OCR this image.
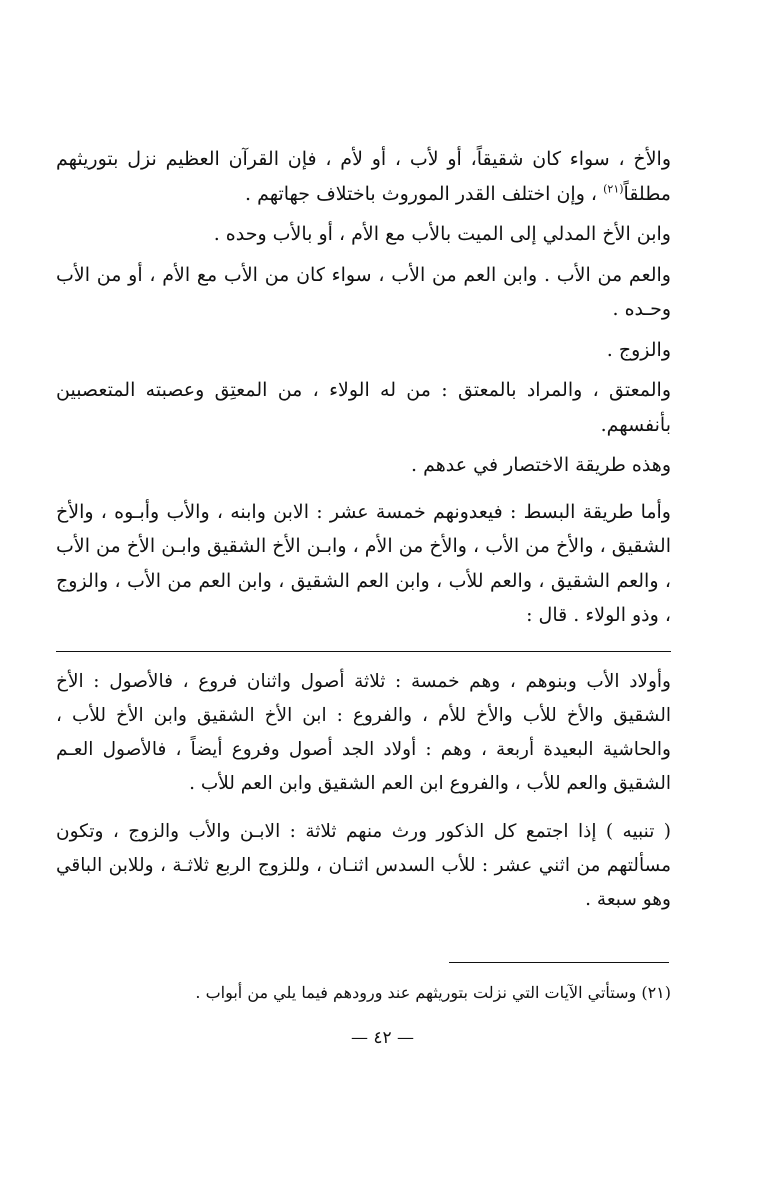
والأخ ، سواء كان شقيقاً، أو لأب ، أو لأم ، فإن القرآن العظيم نزل بتوريثهم مطلقاً$^{(٢١)}$ ، وإن اختلف القدر الموروث باختلاف جهاتهم .

وابن الأخ المدلي إلى الميت بالأب مع الأم ، أو بالأب وحده .

والعم من الأب . وابن العم من الأب ، سواء كان من الأب مع الأم ، أو من الأب وحـده .

والزوج .

والمعتق ، والمراد بالمعتق : من له الولاء ، من المعتِق وعصبته المتعصبين بأنفسهم.

وهذه طريقة الاختصار في عدهم .

وأما طريقة البسط : فيعدونهم خمسة عشر : الابن وابنه ، والأب وأبـوه ، والأخ الشقيق ، والأخ من الأب ، والأخ من الأم ، وابـن الأخ الشقيق وابـن الأخ من الأب ، والعم الشقيق ، والعم للأب ، وابن العم الشقيق ، وابن العم من الأب ، والزوج ، وذو الولاء . قال :

وأولاد الأب وبنوهم ، وهم خمسة : ثلاثة أصول واثنان فروع ، فالأصول : الأخ الشقيق والأخ للأب والأخ للأم ، والفروع : ابن الأخ الشقيق وابن الأخ للأب ، والحاشية البعيدة أربعة ، وهم : أولاد الجد أصول وفروع أيضاً ، فالأصول العـم الشقيق والعم للأب ، والفروع ابن العم الشقيق وابن العم للأب .

( تنبيه ) إذا اجتمع كل الذكور ورث منهم ثلاثة : الابـن والأب والزوج ، وتكون مسألتهم من اثني عشر : للأب السدس اثنـان ، وللزوج الربع ثلاثـة ، وللابن الباقي وهو سبعة .

(٢١) وستأتي الآيات التي نزلت بتوريثهم عند ورودهم فيما يلي من أبواب .
— ٤٢ —
